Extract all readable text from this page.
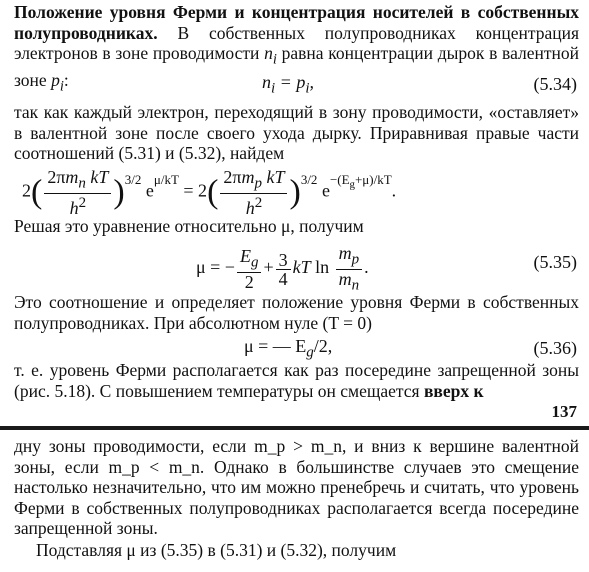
Положение уровня Ферми и концентрация носителей в собственных полупроводниках. В собственных полупроводниках концентрация электронов в зоне проводимости $n_i$ равна концентрации дырок в валентной зоне $p_i$:	$n_i = p_i$,	(5.34)
так как каждый электрон, переходящий в зону проводимости, «оставляет» в валентной зоне после своего ухода дырку. Приравнивая правые части соотношений (5.31) и (5.32), найдем
$2( \frac{2\pi m_n kT}{h^2} )^{3/2}$ $e^{\mu/kT} = 2( \frac{2\pi m_p kT}{h^2} )^{3/2}$ $e^{-(E_g+\mu)/kT}$.
Решая это уравнение относительно μ, получим
μ = − $\frac{E_g}{2} + \frac{3}{4}$ kT $\ln \frac{m_p}{m_n}$ .	(5.35)
Это соотношение и определяет положение уровня Ферми в собственных полупроводниках. При абсолютном нуле (T = 0)
μ = — $E_g/2$,	(5.36)
т. е. уровень Ферми располагается как раз посередине запрещенной зоны (рис. 5.18). С повышением температуры он смещается вверх к
137
дну зоны проводимости, если m_p > m_n, и вниз к вершине валентной зоны, если m_p < m_n. Однако в большинстве случаев это смещение настолько незначительно, что им можно пренебречь и считать, что уровень Ферми в собственных полупроводниках располагается всегда посередине запрещенной зоны.
Подставляя μ из (5.35) в (5.31) и (5.32), получим
